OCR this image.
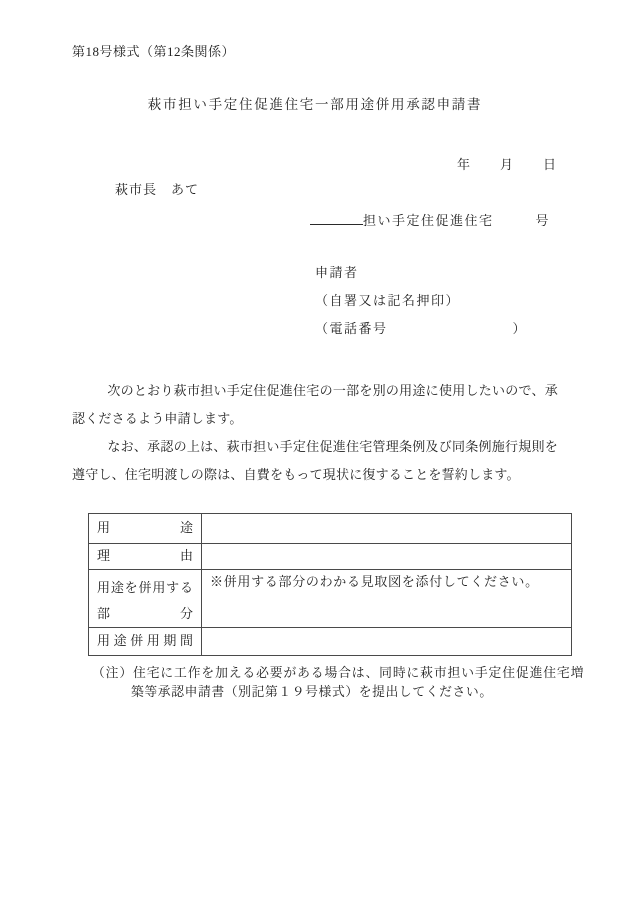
第18号様式（第12条関係）
萩市担い手定住促進住宅一部用途併用承認申請書
年 月 日
萩市長　あて
担い手定住促進住宅	号
申請者
（自署又は記名押印）
（電話番号	）

　次のとおり萩市担い手定住促進住宅の一部を別の用途に使用したいので、承認くださるよう申請します。

　なお、承認の上は、萩市担い手定住促進住宅管理条例及び同条例施行規則を遵守し、住宅明渡しの際は、自費をもって現状に復することを誓約します。

用途	

理由	

用途を併用する
部分	※併用する部分のわかる見取図を添付してください。

用途併用期間	

（注）住宅に工作を加える必要がある場合は、同時に萩市担い手定住促進住宅増築等承認申請書（別記第１９号様式）を提出してください。
